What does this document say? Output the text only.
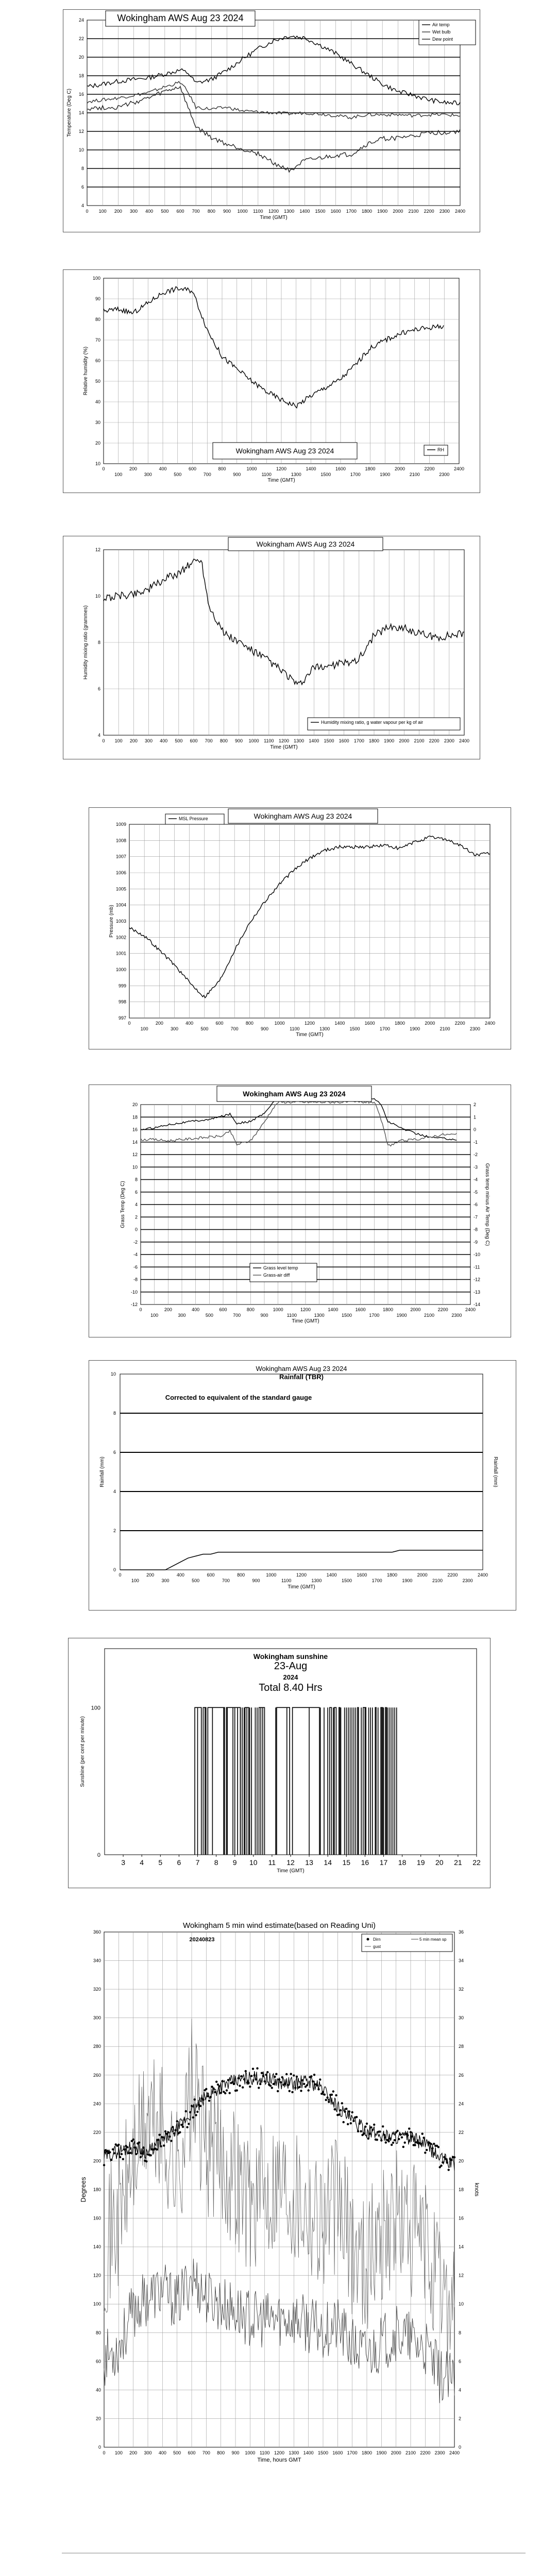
4
6
8
10
12
14
16
18
20
22
24
0 100 200 300 400 500 600 700 800 900 1000 1100 1200 1300 1400 1500 1600 1700 1800 1900 2000 2100 2200 2300 2400
Time (GMT)
Temperature (Deg C)
Wokingham AWS Aug 23 2024
Air temp
Wet bulb
Dew point
10
20
30
40
50
60
70
80
90
100
0	200	400	600	800	1000	1200	1400	1600	1800	2000	2200	2400
100	300	500	700	900	1100	1300	1500	1700	1900	2100	2300
Time (GMT)
Relative humidity (%)
Wokingham AWS Aug 23 2024	RH
4
6
8
10
12
0 100 200 300 400 500 600 700 800 900 1000 1100 1200 1300 1400 1500 1600 1700 1800 1900 2000 2100 2200 2300 2400
Time (GMT)
Humidity mixing ratio (grammes)
Wokingham AWS Aug 23 2024
Humidity mixing ratio, g water vapour per kg of air
997
998
999
1000
1001
1002
1003
1004
1005
1006
1007
1008
1009
0	200	400	600	800	1000	1200	1400	1600	1800	2000	2200	2400
100	300	500	700	900	1100	1300	1500	1700	1900	2100	2300
Time (GMT)
Pressure (mb)
Wokingham AWS Aug 23 2024
MSL Pressure
-12
-10
-8
-6
-4
-2
0
2
4
6
8
10
12
14
16
18
20
-14
-13
-12
-11
-10
-9
-8
-7
-6
-5
-4
-3
-2
-1
0
1
2
0	200	400	600	800	1000	1200	1400	1600	1800	2000	2200	2400
100	300	500	700	900	1100	1300	1500	1700	1900	2100	2300
Time (GMT)
Grass Temp (Deg C)	Grass temp minus Air Temp (Deg C)
Wokingham AWS Aug 23 2024
Grass level temp
Grass-air diff
0
2
4
6
8
10
0	200	400	600	800	1000	1200	1400	1600	1800	2000	2200	2400
100	300	500	700	900	1100	1300	1500	1700	1900	2100	2300
Time (GMT)
Rainfall (mm)	Rainfall (mm)
Wokingham AWS Aug 23 2024
Rainfall (TBR)
Corrected to equivalent of the standard gauge
3 4 5 6 7 8 9 10 11 12 13 14 15 16 17 18 19 20 21 22
0
100
Time (GMT)
Sunshine (per cent per minute)
Wokingham sunshine
23-Aug
2024
Total 8.40 Hrs
0
20
40
60
80
100
120
140
160
180
200
220
240
260
280
300
320
340
360
0
2
4
6
8
10
12
14
16
18
20
22
24
26
28
30
32
34
36
0 100 200 300 400 500 600 700 800 900 1000 1100 1200 1300 1400 1500 1600 1700 1800 1900 2000 2100 2200 2300 2400
Time, hours GMT
Degrees	knots
Wokingham 5 min wind estimate(based on Reading Uni)
20240823	Dirn	5 min mean sp
gust
